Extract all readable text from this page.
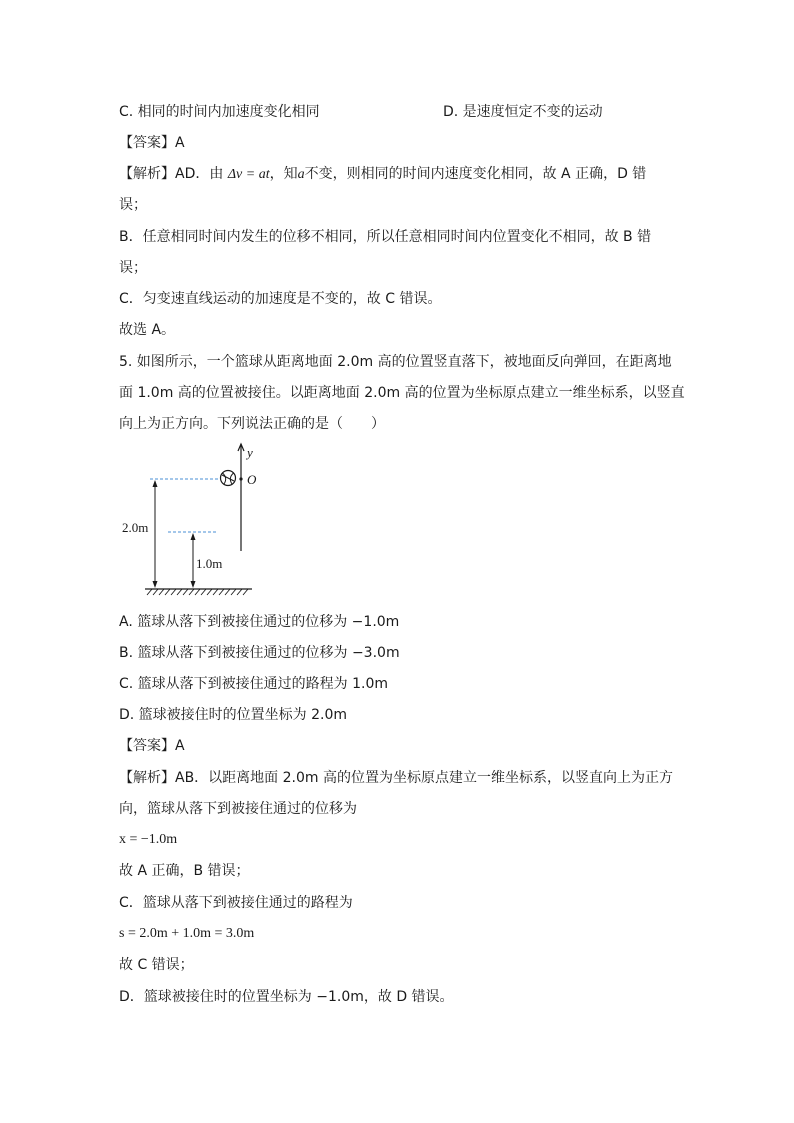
C. 相同的时间内加速度变化相同	D. 是速度恒定不变的运动
【答案】A
【解析】AD．由 Δv = at，知a不变，则相同的时间内速度变化相同，故 A 正确，D 错
误；
B．任意相同时间内发生的位移不相同，所以任意相同时间内位置变化不相同，故 B 错
误；
C．匀变速直线运动的加速度是不变的，故 C 错误。
故选 A。
5. 如图所示，一个篮球从距离地面 2.0m 高的位置竖直落下，被地面反向弹回，在距离地
面 1.0m 高的位置被接住。以距离地面 2.0m 高的位置为坐标原点建立一维坐标系，以竖直
向上为正方向。下列说法正确的是（　　）
y
O
2.0m
1.0m
A. 篮球从落下到被接住通过的位移为 −1.0m
B. 篮球从落下到被接住通过的位移为 −3.0m
C. 篮球从落下到被接住通过的路程为 1.0m
D. 篮球被接住时的位置坐标为 2.0m
【答案】A
【解析】AB．以距离地面 2.0m 高的位置为坐标原点建立一维坐标系，以竖直向上为正方
向，篮球从落下到被接住通过的位移为
x = −1.0m
故 A 正确，B 错误；
C．篮球从落下到被接住通过的路程为
s = 2.0m + 1.0m = 3.0m
故 C 错误；
D．篮球被接住时的位置坐标为 −1.0m，故 D 错误。
